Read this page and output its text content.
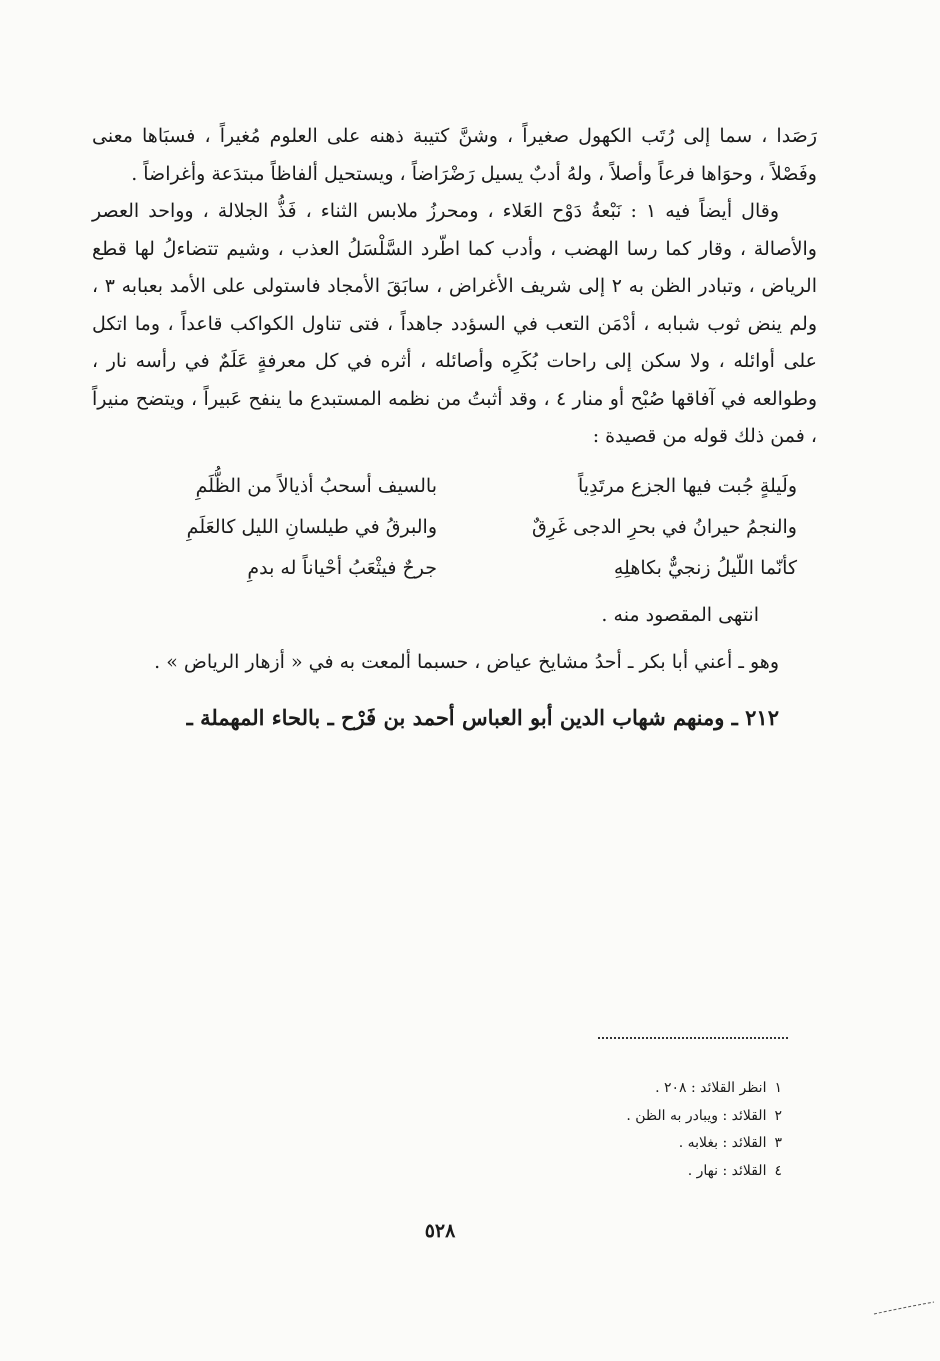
رَصَدا ، سما إلى رُتَب الكهول صغيراً ، وشنَّ كتيبة ذهنه على العلوم مُغيراً ، فسبَاها معنى وفَصْلاً ، وحوَاها فرعاً وأصلاً ، ولهُ أدبٌ يسيل رَضْرَاضاً ، ويستحيل ألفاظاً مبتدَعة وأغراضاً .

وقال أيضاً فيه ١ : نَبْعةُ دَوْح العَلاء ، ومحرزُ ملابس الثناء ، فَذُّ الجلالة ، وواحد العصر والأصالة ، وقار كما رسا الهضب ، وأدب كما اطّرد السَّلْسَلُ العذب ، وشيم تتضاءلُ لها قطع الرياض ، وتبادر الظن به ٢ إلى شريف الأغراض ، سابَقَ الأمجاد فاستولى على الأمد بعبابه ٣ ، ولم ينض ثوب شبابه ، أدْمَن التعب في السؤدد جاهداً ، فتى تناول الكواكب قاعداً ، وما اتكل على أوائله ، ولا سكن إلى راحات بُكَرِه وأصائله ، أثره في كل معرفةٍ عَلَمٌ في رأسه نار ، وطوالعه في آفاقها صُبْح أو منار ٤ ، وقد أثبتُ من نظمه المستبدع ما ينفح عَبيراً ، ويتضح منيراً ، فمن ذلك قوله من قصيدة :

ولَيلةٍ جُبت فيها الجزع مرتَدِياً
بالسيف أسحبُ أذيالاً من الظُّلَمِ
والنجمُ حيرانُ في بحرِ الدجى غَرِقٌ
والبرقُ في طيلسانِ الليل كالعَلَمِ
كأنّما اللّيلُ زنجيٌّ بكاهلِهِ
جرحٌ فيثْعَبُ أحْياناً له بدمِ

انتهى المقصود منه .

وهو ـ أعني أبا بكر ـ أحدُ مشايخ عياض ، حسبما ألمعت به في « أزهار الرياض » .

٢١٢ ـ ومنهم شهاب الدين أبو العباس أحمد بن فَرْح ـ بالحاء المهملة ـ

١انظر القلائد : ٢٠٨ .
٢القلائد : ويبادر به الظن .
٣القلائد : بغلابه .
٤القلائد : نهار .
٥٢٨
